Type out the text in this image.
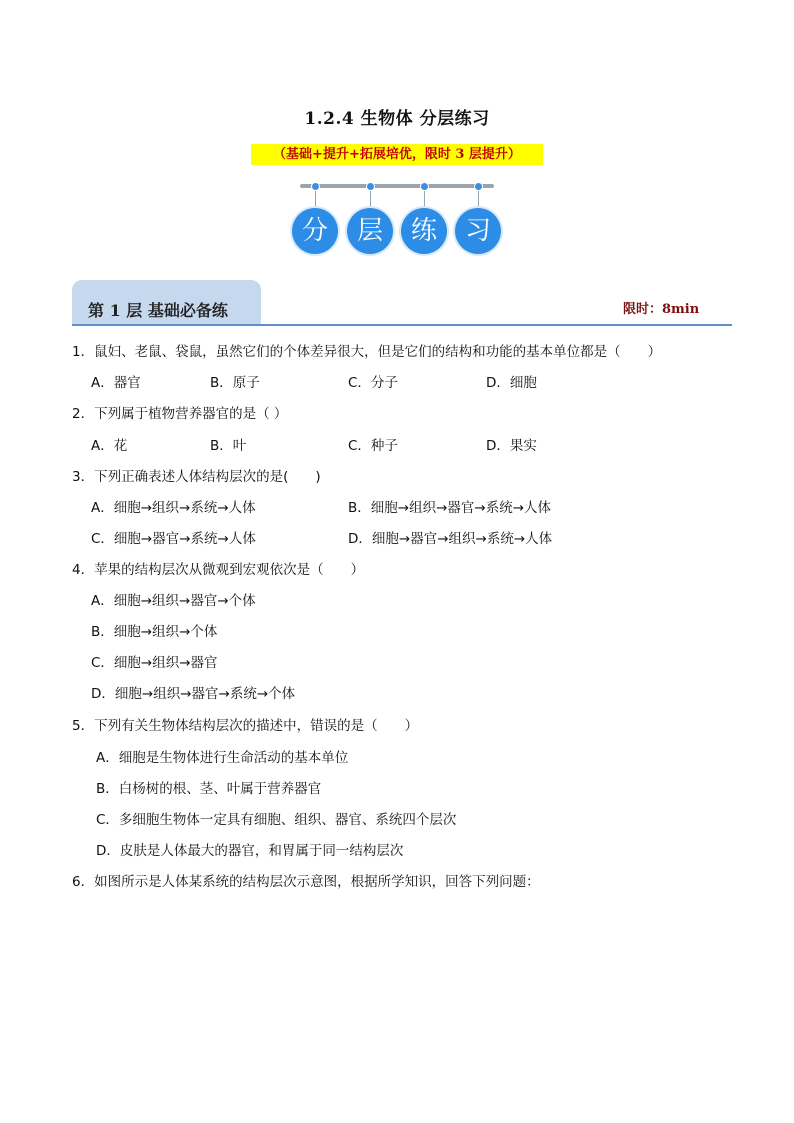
1.2.4 生物体 分层练习
（基础+提升+拓展培优，限时 3 层提升）
分	层	练	习
第 1 层 基础必备练	限时：8min
1．鼠妇、老鼠、袋鼠，虽然它们的个体差异很大，但是它们的结构和功能的基本单位都是（　　）
A．器官	B．原子	C．分子	D．细胞
2．下列属于植物营养器官的是（ ）
A．花	B．叶	C．种子	D．果实
3．下列正确表述人体结构层次的是(　　)
A．细胞→组织→系统→人体	B．细胞→组织→器官→系统→人体
C．细胞→器官→系统→人体	D．细胞→器官→组织→系统→人体
4．苹果的结构层次从微观到宏观依次是（　　）
A．细胞→组织→器官→个体
B．细胞→组织→个体
C．细胞→组织→器官
D．细胞→组织→器官→系统→个体
5．下列有关生物体结构层次的描述中，错误的是（　　）
A．细胞是生物体进行生命活动的基本单位
B．白杨树的根、茎、叶属于营养器官
C．多细胞生物体一定具有细胞、组织、器官、系统四个层次
D．皮肤是人体最大的器官，和胃属于同一结构层次
6．如图所示是人体某系统的结构层次示意图，根据所学知识，回答下列问题：
